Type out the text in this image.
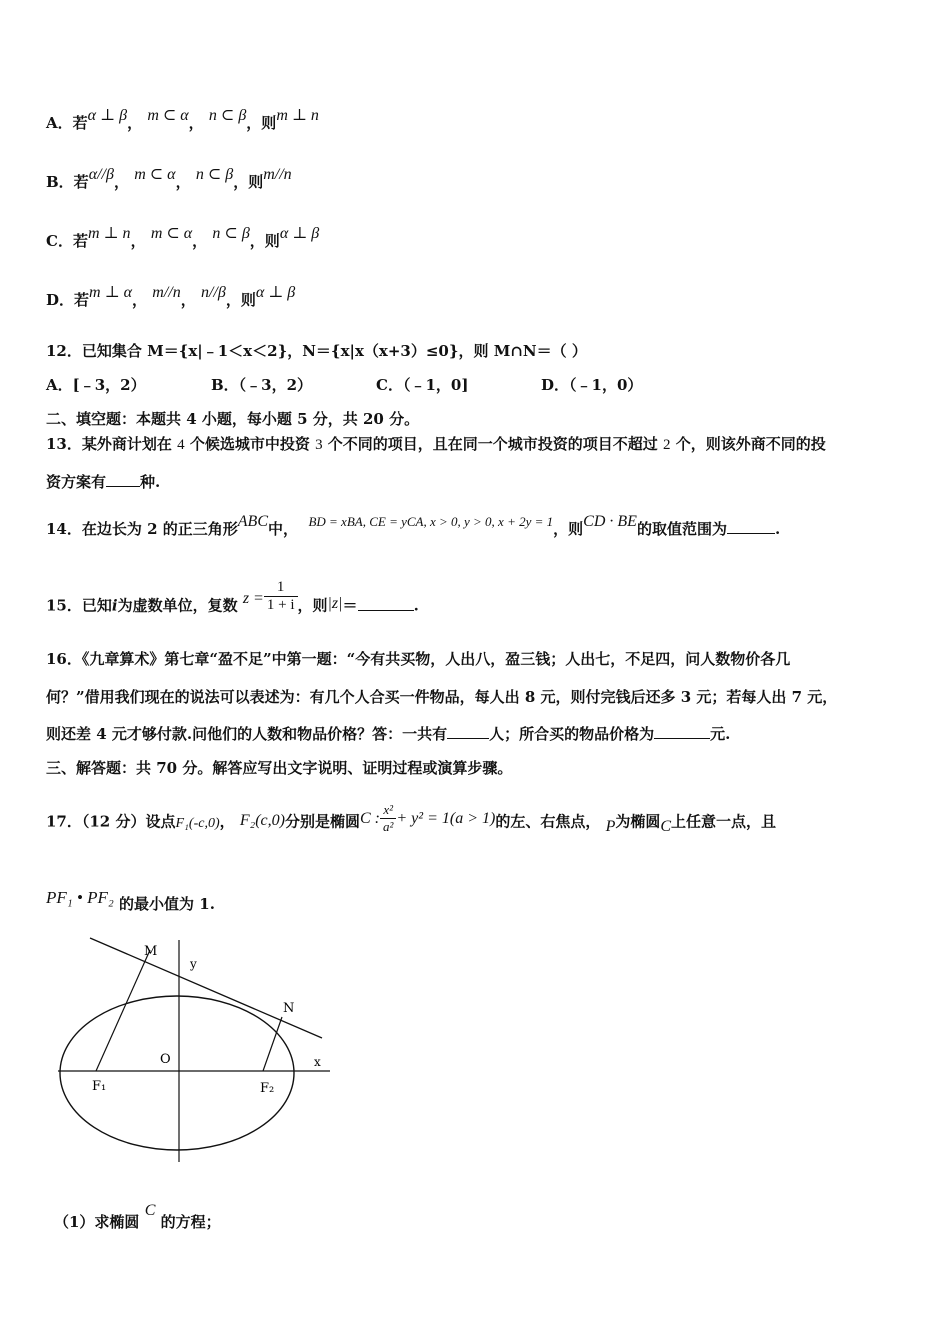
A．若α ⊥ β， m ⊂ α， n ⊂ β，则m ⊥ n
B．若α//β， m ⊂ α， n ⊂ β，则m//n
C．若m ⊥ n， m ⊂ α， n ⊂ β，则α ⊥ β
D．若m ⊥ α， m//n， n//β，则α ⊥ β
12．已知集合 M＝{x|﹣1＜x＜2}，N＝{x|x（x+3）≤0}，则 M∩N＝（ ）
A．[﹣3，2）	B．（﹣3，2）	C．（﹣1，0]	D．（﹣1，0）
二、填空题：本题共 4 小题，每小题 5 分，共 20 分。
13．某外商计划在 4 个候选城市中投资 3 个不同的项目，且在同一个城市投资的项目不超过 2 个，则该外商不同的投
资方案有 种.
14．在边长为 2 的正三角形ABC中， BD = xBA, CE = yCA, x > 0, y > 0, x + 2y = 1，则CD · BE的取值范围为	.
15．已知i为虚数单位，复数 $z = \frac{1}{1 + i}$ ，则|z|＝	.
16．《九章算术》第七章“盈不足”中第一题：“今有共买物，人出八，盈三钱；人出七，不足四，问人数物价各几
何？”借用我们现在的说法可以表述为：有几个人合买一件物品，每人出 8 元，则付完钱后还多 3 元；若每人出 7 元，
则还差 4 元才够付款.问他们的人数和物品价格？答：一共有	人；所合买的物品价格为	元.
三、解答题：共 70 分。解答应写出文字说明、证明过程或演算步骤。
17．（12 分）设点F₁(-c,0)， F₂(c,0)分别是椭圆C : $\frac{\text{x²}}{\text{a²}} + y^2 = 1(a > 1)$的左、右焦点， P为椭圆C上任意一点，且
PF₁ • PF₂ 的最小值为 1.
M
y
N
O	x
F₁	F₂
（1）求椭圆 C 的方程；
